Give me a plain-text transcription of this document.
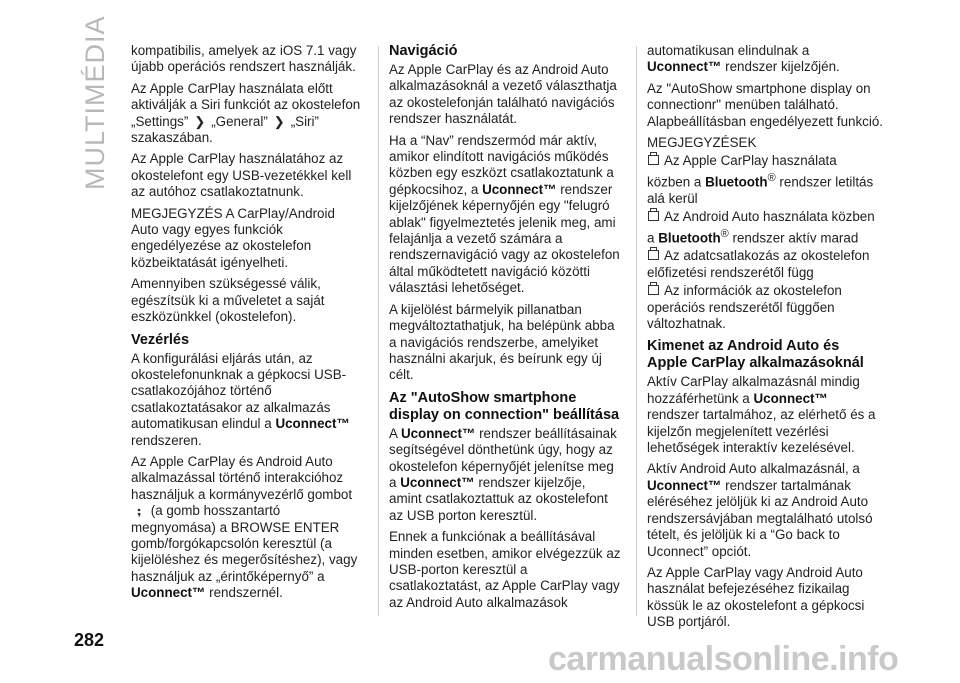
MULTIMÉDIA kompatibilis, amelyek az iOS 7.1 vagy újabb operációs rendszert használják.

Az Apple CarPlay használata előtt aktiválják a Siri funkciót az okostelefon „Settings” ❯ „General” ❯ „Siri” szakaszában.

Az Apple CarPlay használatához az okostelefont egy USB-vezetékkel kell az autóhoz csatlakoztatnunk.

MEGJEGYZÉS A CarPlay/Android Auto vagy egyes funkciók engedélyezése az okostelefon közbeiktatását igényelheti.

Amennyiben szükségessé válik, egészítsük ki a műveletet a saját eszközünkkel (okostelefon).

Vezérlés

A konfigurálási eljárás után, az okostelefonunknak a gépkocsi USB-csatlakozójához történő csatlakoztatásakor az alkalmazás automatikusan elindul a Uconnect™ rendszeren.

Az Apple CarPlay és Android Auto alkalmazással történő interakcióhoz használjuk a kormányvezérlő gombot ⨟ (a gomb hosszantartó megnyomása) a BROWSE ENTER gomb/forgókapcsolón keresztül (a kijelöléshez és megerősítéshez), vagy használjuk az „érintőképernyő” a Uconnect™ rendszernél.

Navigáció

Az Apple CarPlay és az Android Auto alkalmazásoknál a vezető választhatja az okostelefonján található navigációs rendszer használatát.

Ha a “Nav” rendszermód már aktív, amikor elindított navigációs működés közben egy eszközt csatlakoztatunk a gépkocsihoz, a Uconnect™ rendszer kijelzőjének képernyőjén egy "felugró ablak" figyelmeztetés jelenik meg, ami felajánlja a vezető számára a rendszernavigáció vagy az okostelefon által működtetett navigáció közötti választási lehetőséget.

A kijelölést bármelyik pillanatban megváltoztathatjuk, ha belépünk abba a navigációs rendszerbe, amelyiket használni akarjuk, és beírunk egy új célt.

Az "AutoShow smartphone display on connection" beállítása

A Uconnect™ rendszer beállításainak segítségével dönthetünk úgy, hogy az okostelefon képernyőjét jelenítse meg a Uconnect™ rendszer kijelzője, amint csatlakoztattuk az okostelefont az USB porton keresztül.

Ennek a funkciónak a beállításával minden esetben, amikor elvégezzük az USB-porton keresztül a csatlakoztatást, az Apple CarPlay vagy az Android Auto alkalmazások

automatikusan elindulnak a Uconnect™ rendszer kijelzőjén.

Az "AutoShow smartphone display on connectionr" menüben található. Alapbeállításban engedélyezett funkció.

MEGJEGYZÉSEK

Az Apple CarPlay használata közben a Bluetooth® rendszer letiltás alá kerül

Az Android Auto használata közben a Bluetooth® rendszer aktív marad

Az adatcsatlakozás az okostelefon előfizetési rendszerétől függ

Az információk az okostelefon operációs rendszerétől függően változhatnak.

Kimenet az Android Auto és Apple CarPlay alkalmazásoknál

Aktív CarPlay alkalmazásnál mindig hozzáférhetünk a Uconnect™ rendszer tartalmához, az elérhető és a kijelzőn megjelenített vezérlési lehetőségek interaktív kezelésével.

Aktív Android Auto alkalmazásnál, a Uconnect™ rendszer tartalmának eléréséhez jelöljük ki az Android Auto rendszersávjában megtalálható utolsó tételt, és jelöljük ki a “Go back to Uconnect” opciót.

Az Apple CarPlay vagy Android Auto használat befejezéséhez fizikailag kössük le az okostelefont a gépkocsi USB portjáról.

282	carmanualsonline.info
